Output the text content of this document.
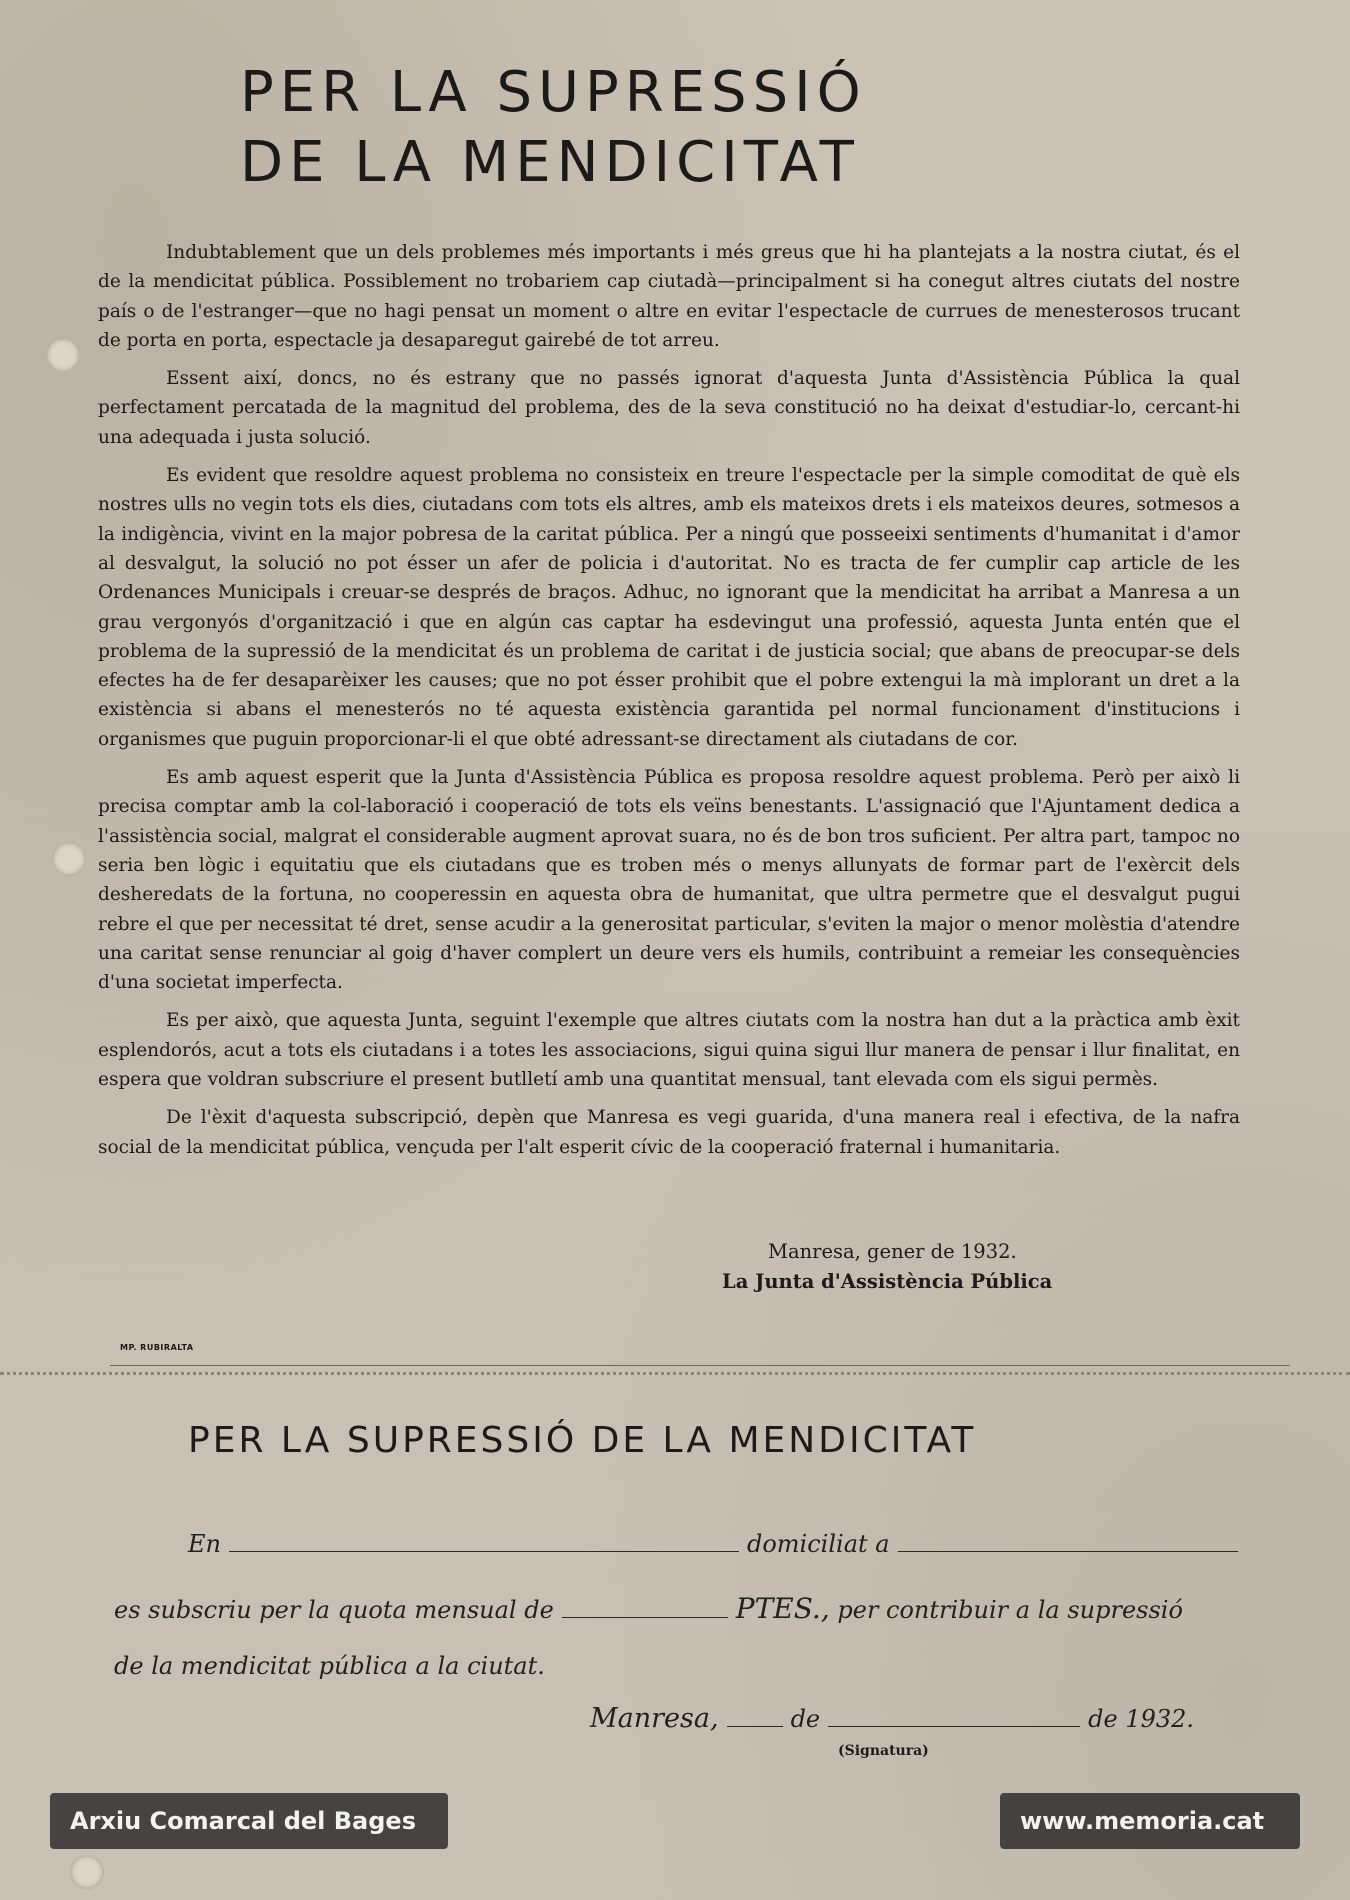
PER LA SUPRESSIÓ
DE LA MENDICITAT

Indubtablement que un dels problemes més importants i més greus que hi ha plantejats a la nostra ciutat, és el de la mendicitat pública. Possiblement no trobariem cap ciutadà—principalment si ha conegut altres ciutats del nostre país o de l'estranger—que no hagi pensat un moment o altre en evitar l'espectacle de currues de menesterosos trucant de porta en porta, espectacle ja desaparegut gairebé de tot arreu.

Essent així, doncs, no és estrany que no passés ignorat d'aquesta Junta d'Assistència Pública la qual perfectament percatada de la magnitud del problema, des de la seva constitució no ha deixat d'estudiar-lo, cercant-hi una adequada i justa solució.

Es evident que resoldre aquest problema no consisteix en treure l'espectacle per la simple comoditat de què els nostres ulls no vegin tots els dies, ciutadans com tots els altres, amb els mateixos drets i els mateixos deures, sotmesos a la indigència, vivint en la major pobresa de la caritat pública. Per a ningú que posseeixi sentiments d'humanitat i d'amor al desvalgut, la solució no pot ésser un afer de policia i d'autoritat. No es tracta de fer cumplir cap article de les Ordenances Municipals i creuar-se després de braços. Adhuc, no ignorant que la mendicitat ha arribat a Manresa a un grau vergonyós d'organització i que en algún cas captar ha esdevingut una professió, aquesta Junta entén que el problema de la supressió de la mendicitat és un problema de caritat i de justicia social; que abans de preocupar-se dels efectes ha de fer desaparèixer les causes; que no pot ésser prohibit que el pobre extengui la mà implorant un dret a la existència si abans el menesterós no té aquesta existència garantida pel normal funcionament d'institucions i organismes que puguin proporcionar-li el que obté adressant-se directament als ciutadans de cor.

Es amb aquest esperit que la Junta d'Assistència Pública es proposa resoldre aquest problema. Però per això li precisa comptar amb la col-laboració i cooperació de tots els veïns benestants. L'assignació que l'Ajuntament dedica a l'assistència social, malgrat el considerable augment aprovat suara, no és de bon tros suficient. Per altra part, tampoc no seria ben lògic i equitatiu que els ciutadans que es troben més o menys allunyats de formar part de l'exèrcit dels desheredats de la fortuna, no cooperessin en aquesta obra de humanitat, que ultra permetre que el desvalgut pugui rebre el que per necessitat té dret, sense acudir a la generositat particular, s'eviten la major o menor molèstia d'atendre una caritat sense renunciar al goig d'haver complert un deure vers els humils, contribuint a remeiar les consequències d'una societat imperfecta.

Es per això, que aquesta Junta, seguint l'exemple que altres ciutats com la nostra han dut a la pràctica amb èxit esplendorós, acut a tots els ciutadans i a totes les associacions, sigui quina sigui llur manera de pensar i llur finalitat, en espera que voldran subscriure el present butlletí amb una quantitat mensual, tant elevada com els sigui permès.

De l'èxit d'aquesta subscripció, depèn que Manresa es vegi guarida, d'una manera real i efectiva, de la nafra social de la mendicitat pública, vençuda per l'alt esperit cívic de la cooperació fraternal i humanitaria.

Manresa, gener de 1932.
La Junta d'Assistència Pública
MP. RUBIRALTA
PER LA SUPRESSIÓ DE LA MENDICITAT
En	domiciliat a
es subscriu per la quota mensual de	PTES., per contribuir a la supressió
de la mendicitat pública a la ciutat.
Manresa,	de	de 1932.
(Signatura)
Arxiu Comarcal del Bages	www.memoria.cat
